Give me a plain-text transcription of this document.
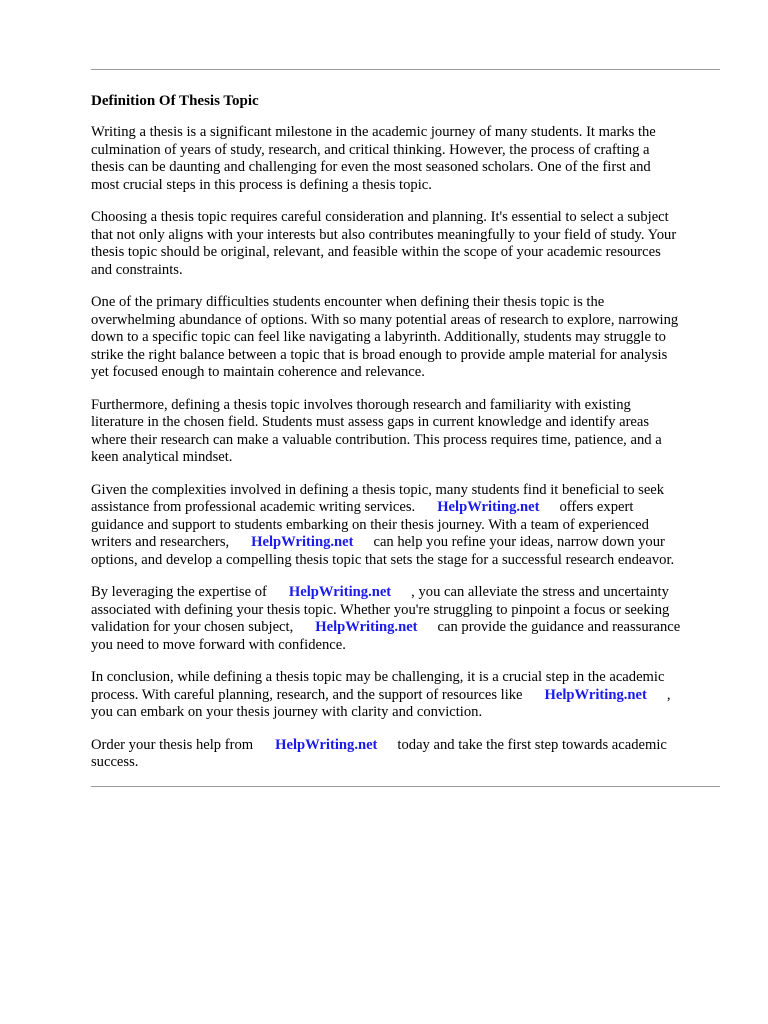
Definition Of Thesis Topic
Writing a thesis is a significant milestone in the academic journey of many students. It marks the
culmination of years of study, research, and critical thinking. However, the process of crafting a
thesis can be daunting and challenging for even the most seasoned scholars. One of the first and
most crucial steps in this process is defining a thesis topic.
Choosing a thesis topic requires careful consideration and planning. It's essential to select a subject
that not only aligns with your interests but also contributes meaningfully to your field of study. Your
thesis topic should be original, relevant, and feasible within the scope of your academic resources
and constraints.
One of the primary difficulties students encounter when defining their thesis topic is the
overwhelming abundance of options. With so many potential areas of research to explore, narrowing
down to a specific topic can feel like navigating a labyrinth. Additionally, students may struggle to
strike the right balance between a topic that is broad enough to provide ample material for analysis
yet focused enough to maintain coherence and relevance.
Furthermore, defining a thesis topic involves thorough research and familiarity with existing
literature in the chosen field. Students must assess gaps in current knowledge and identify areas
where their research can make a valuable contribution. This process requires time, patience, and a
keen analytical mindset.
Given the complexities involved in defining a thesis topic, many students find it beneficial to seek
assistance from professional academic writing services. HelpWriting.net offers expert
guidance and support to students embarking on their thesis journey. With a team of experienced
writers and researchers, HelpWriting.net can help you refine your ideas, narrow down your
options, and develop a compelling thesis topic that sets the stage for a successful research endeavor.
By leveraging the expertise of HelpWriting.net , you can alleviate the stress and uncertainty
associated with defining your thesis topic. Whether you're struggling to pinpoint a focus or seeking
validation for your chosen subject, HelpWriting.net can provide the guidance and reassurance
you need to move forward with confidence.
In conclusion, while defining a thesis topic may be challenging, it is a crucial step in the academic
process. With careful planning, research, and the support of resources like HelpWriting.net ,
you can embark on your thesis journey with clarity and conviction.
Order your thesis help from HelpWriting.net today and take the first step towards academic
success.
